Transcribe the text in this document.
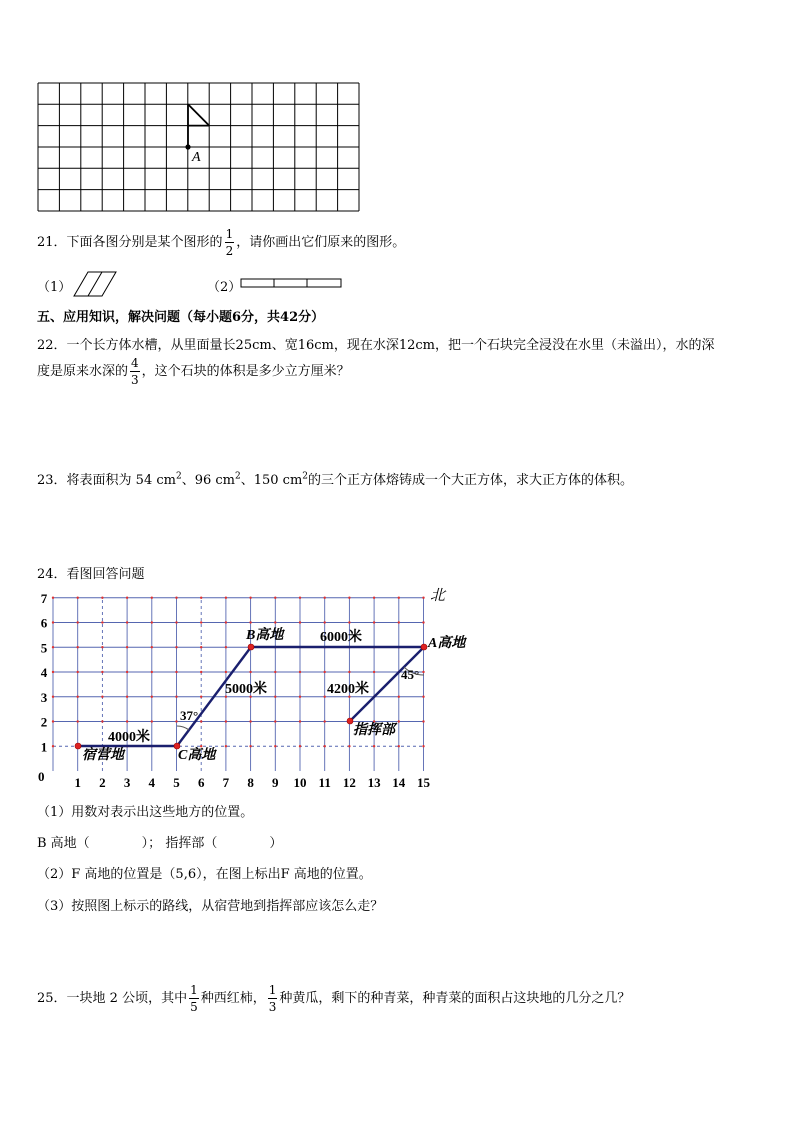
A
21．下面各图分别是某个图形的 $\frac{1}{2}$ ，请你画出它们原来的图形。
（1）	（2）
五、应用知识，解决问题（每小题6分，共42分）
22．一个长方体水槽，从里面量长25cm、宽16cm，现在水深12cm，把一个石块完全浸没在水里（未溢出），水的深
度是原来水深的 $\frac{4}{3}$ ，这个石块的体积是多少立方厘米？
23．将表面积为 54 $cm^2$、96 $cm^2$、150 $cm^2$的三个正方体熔铸成一个大正方体，求大正方体的体积。
24．看图回答问题
1 2 3 4 5 6 7 8 9 10 11 12 13 14 15
1
2
3
4
5
6
7
0
北
B高地	6000米	A高地
5000米	4200米
45°
37°
4000米	指挥部
宿营地	C高地
（1）用数对表示出这些地方的位置。
B 高地（　　　　）； 指挥部（　　　　）
（2）F 高地的位置是（5,6），在图上标出F 高地的位置。
（3）按照图上标示的路线，从宿营地到指挥部应该怎么走？
25．一块地 2 公顷，其中 $\frac{1}{5}$ 种西红柿， $\frac{1}{3}$ 种黄瓜，剩下的种青菜，种青菜的面积占这块地的几分之几？
